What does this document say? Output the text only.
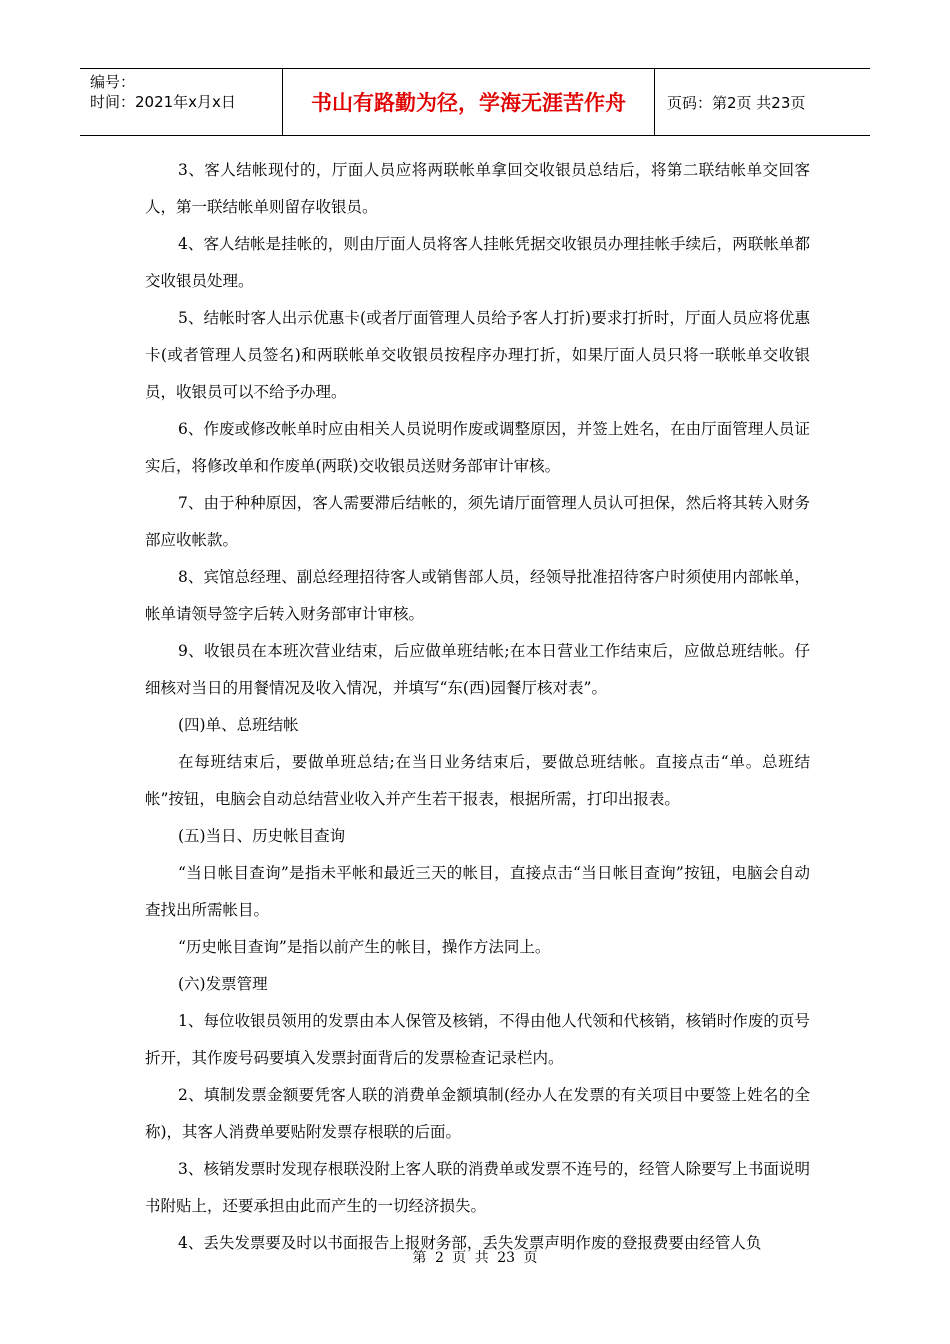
编号：
时间：2021年x月x日	书山有路勤为径，学海无涯苦作舟	页码：第2页 共23页

3、客人结帐现付的，厅面人员应将两联帐单拿回交收银员总结后，将第二联结帐单交回客人，第一联结帐单则留存收银员。

4、客人结帐是挂帐的，则由厅面人员将客人挂帐凭据交收银员办理挂帐手续后，两联帐单都交收银员处理。

5、结帐时客人出示优惠卡(或者厅面管理人员给予客人打折)要求打折时，厅面人员应将优惠卡(或者管理人员签名)和两联帐单交收银员按程序办理打折，如果厅面人员只将一联帐单交收银员，收银员可以不给予办理。

6、作废或修改帐单时应由相关人员说明作废或调整原因，并签上姓名，在由厅面管理人员证实后，将修改单和作废单(两联)交收银员送财务部审计审核。

7、由于种种原因，客人需要滞后结帐的，须先请厅面管理人员认可担保，然后将其转入财务部应收帐款。

8、宾馆总经理、副总经理招待客人或销售部人员，经领导批准招待客户时须使用内部帐单，帐单请领导签字后转入财务部审计审核。

9、收银员在本班次营业结束，后应做单班结帐;在本日营业工作结束后，应做总班结帐。仔细核对当日的用餐情况及收入情况，并填写“东(西)园餐厅核对表”。

(四)单、总班结帐

在每班结束后，要做单班总结;在当日业务结束后，要做总班结帐。直接点击“单。总班结帐”按钮，电脑会自动总结营业收入并产生若干报表，根据所需，打印出报表。

(五)当日、历史帐目查询

“当日帐目查询”是指未平帐和最近三天的帐目，直接点击“当日帐目查询”按钮，电脑会自动查找出所需帐目。

“历史帐目查询”是指以前产生的帐目，操作方法同上。

(六)发票管理

1、每位收银员领用的发票由本人保管及核销，不得由他人代领和代核销，核销时作废的页号折开，其作废号码要填入发票封面背后的发票检查记录栏内。

2、填制发票金额要凭客人联的消费单金额填制(经办人在发票的有关项目中要签上姓名的全称)，其客人消费单要贴附发票存根联的后面。

3、核销发票时发现存根联没附上客人联的消费单或发票不连号的，经管人除要写上书面说明书附贴上，还要承担由此而产生的一切经济损失。

4、丢失发票要及时以书面报告上报财务部，丢失发票声明作废的登报费要由经管人负

第 2 页 共 23 页
